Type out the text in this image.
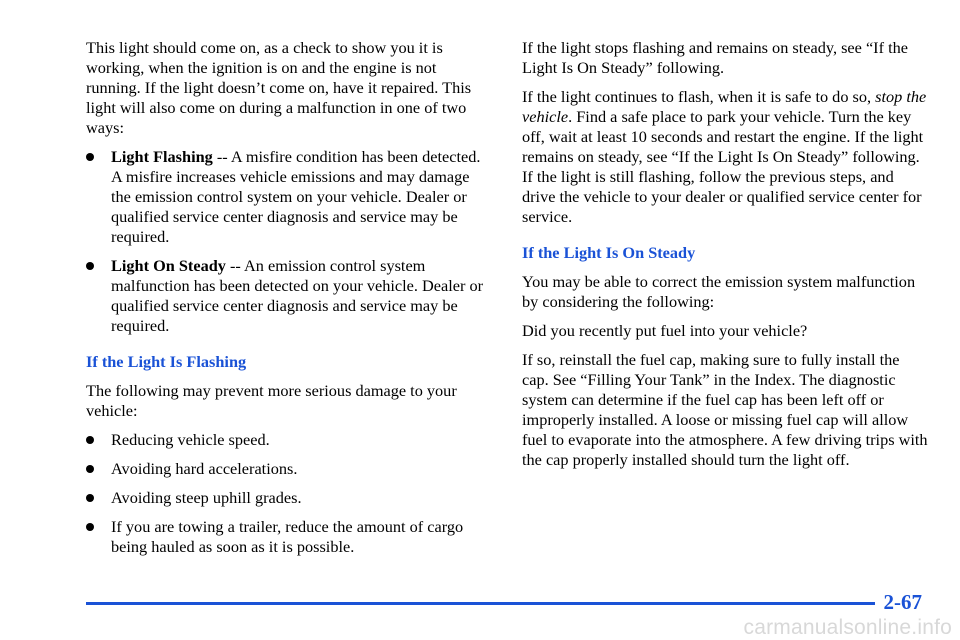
This light should come on, as a check to show you it is working, when the ignition is on and the engine is not running. If the light doesn’t come on, have it repaired. This light will also come on during a malfunction in one of two ways:

Light Flashing -- A misfire condition has been detected. A misfire increases vehicle emissions and may damage the emission control system on your vehicle. Dealer or qualified service center diagnosis and service may be required.
Light On Steady -- An emission control system malfunction has been detected on your vehicle. Dealer or qualified service center diagnosis and service may be required.
If the Light Is Flashing

The following may prevent more serious damage to your vehicle:

Reducing vehicle speed.
Avoiding hard accelerations.
Avoiding steep uphill grades.
If you are towing a trailer, reduce the amount of cargo being hauled as soon as it is possible.

If the light stops flashing and remains on steady, see “If the Light Is On Steady” following.

If the light continues to flash, when it is safe to do so, stop the vehicle. Find a safe place to park your vehicle. Turn the key off, wait at least 10 seconds and restart the engine. If the light remains on steady, see “If the Light Is On Steady” following. If the light is still flashing, follow the previous steps, and drive the vehicle to your dealer or qualified service center for service.

If the Light Is On Steady

You may be able to correct the emission system malfunction by considering the following:

Did you recently put fuel into your vehicle?

If so, reinstall the fuel cap, making sure to fully install the cap. See “Filling Your Tank” in the Index. The diagnostic system can determine if the fuel cap has been left off or improperly installed. A loose or missing fuel cap will allow fuel to evaporate into the atmosphere. A few driving trips with the cap properly installed should turn the light off.

2-67
carmanualsonline.info
